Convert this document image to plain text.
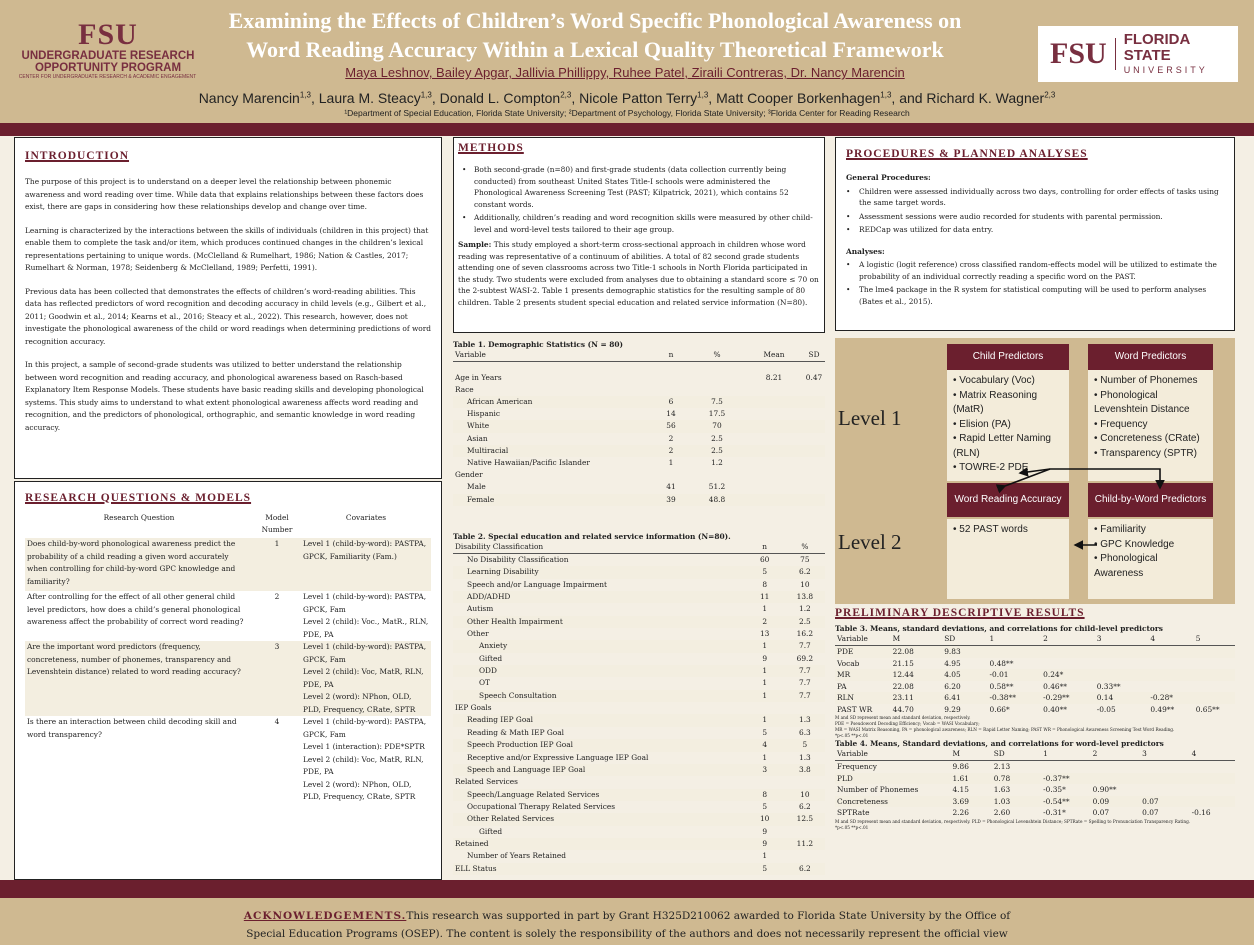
FSU
UNDERGRADUATE RESEARCH
OPPORTUNITY PROGRAM
CENTER FOR UNDERGRADUATE RESEARCH & ACADEMIC ENGAGEMENT
Examining the Effects of Children’s Word Specific Phonological Awareness on
Word Reading Accuracy Within a Lexical Quality Theoretical Framework
Maya Leshnov, Bailey Apgar, Jallivia Phillippy, Ruhee Patel, Ziraili Contreras, Dr. Nancy Marencin
Nancy Marencin$^{1,3}$, Laura M. Steacy$^{1,3}$, Donald L. Compton$^{2,3}$, Nicole Patton Terry$^{1,3}$, Matt Cooper Borkenhagen$^{1,3}$, and Richard K. Wagner$^{2,3}$
¹Department of Special Education, Florida State University; ²Department of Psychology, Florida State University; ³Florida Center for Reading Research
FSU	FLORIDA STATE
UNIVERSITY
INTRODUCTION

The purpose of this project is to understand on a deeper level the relationship between phonemic awareness and word reading over time. While data that explains relationships between these factors does exist, there are gaps in considering how these relationships develop and change over time.

Learning is characterized by the interactions between the skills of individuals (children in this project) that enable them to complete the task and/or item, which produces continued changes in the children’s lexical representations pertaining to unique words. (McClelland & Rumelhart, 1986; Nation & Castles, 2017; Rumelhart & Norman, 1978; Seidenberg & McClelland, 1989; Perfetti, 1991).

Previous data has been collected that demonstrates the effects of children’s word-reading abilities. This data has reflected predictors of word recognition and decoding accuracy in child levels (e.g., Gilbert et al., 2011; Goodwin et al., 2014; Kearns et al., 2016; Steacy et al., 2022). This research, however, does not investigate the phonological awareness of the child or word readings when determining predictions of word recognition accuracy.

In this project, a sample of second-grade students was utilized to better understand the relationship between word recognition and reading accuracy, and phonological awareness based on Rasch-based Explanatory Item Response Models. These students have basic reading skills and developing phonological systems. This study aims to understand to what extent phonological awareness affects word reading and recognition, and the predictors of phonological, orthographic, and semantic knowledge in word reading accuracy.

RESEARCH QUESTIONS & MODELS
Research Question	Model Number	Covariates
Does child-by-word phonological awareness predict the probability of a child reading a given word accurately when controlling for child-by-word GPC knowledge and familiarity?	1	Level 1 (child-by-word): PASTPA, GPCK, Familiarity (Fam.)

After controlling for the effect of all other general child level predictors, how does a child’s general phonological awareness affect the probability of correct word reading?	2	Level 1 (child-by-word): PASTPA, GPCK, Fam
Level 2 (child): Voc., MatR., RLN, PDE, PA

Are the important word predictors (frequency, concreteness, number of phonemes, transparency and Levenshtein distance) related to word reading accuracy?	3	Level 1 (child-by-word): PASTPA, GPCK, Fam
Level 2 (child): Voc, MatR, RLN, PDE, PA
Level 2 (word): NPhon, OLD, PLD, Frequency, CRate, SPTR

Is there an interaction between child decoding skill and word transparency?	4	Level 1 (child-by-word): PASTPA, GPCK, Fam
Level 1 (interaction): PDE*SPTR
Level 2 (child): Voc, MatR, RLN, PDE, PA
Level 2 (word): NPhon, OLD, PLD, Frequency, CRate, SPTR
METHODS
•	Both second-grade (n=80) and first-grade students (data collection currently being conducted) from southeast United States Title-I schools were administered the Phonological Awareness Screening Test (PAST; Kilpatrick, 2021), which contains 52 constant words.
•	Additionally, children’s reading and word recognition skills were measured by other child-level and word-level tests tailored to their age group.
Sample: This study employed a short-term cross-sectional approach in children whose word reading was representative of a continuum of abilities. A total of 82 second grade students attending one of seven classrooms across two Title-1 schools in North Florida participated in the study. Two students were excluded from analyses due to obtaining a standard score ≤ 70 on the 2-subtest WASI-2. Table 1 presents demographic statistics for the resulting sample of 80 children. Table 2 presents student special education and related service information (N=80).
Table 1. Demographic Statistics (N = 80)
Variable	n	%	Mean	SD

Age in Years			8.21	0.47
Race				
African American	6	7.5		
Hispanic	14	17.5		
White	56	70		
Asian	2	2.5		
Multiracial	2	2.5		
Native Hawaiian/Pacific Islander	1	1.2		
Gender				
Male	41	51.2		
Female	39	48.8		
Table 2. Special education and related service information (N=80).
Disability Classification	n	%
No Disability Classification	60	75
Learning Disability	5	6.2
Speech and/or Language Impairment	8	10
ADD/ADHD	11	13.8
Autism	1	1.2
Other Health Impairment	2	2.5
Other	13	16.2
Anxiety	1	7.7
Gifted	9	69.2
ODD	1	7.7
OT	1	7.7
Speech Consultation	1	7.7
IEP Goals		
Reading IEP Goal	1	1.3
Reading & Math IEP Goal	5	6.3
Speech Production IEP Goal	4	5
Receptive and/or Expressive Language IEP Goal	1	1.3
Speech and Language IEP Goal	3	3.8
Related Services		
Speech/Language Related Services	8	10
Occupational Therapy Related Services	5	6.2
Other Related Services	10	12.5
Gifted	9	
Retained	9	11.2
Number of Years Retained	1	
ELL Status	5	6.2
PROCEDURES & PLANNED ANALYSES
General Procedures:
•	Children were assessed individually across two days, controlling for order effects of tasks using the same target words.
•	Assessment sessions were audio recorded for students with parental permission.
•	REDCap was utilized for data entry.
Analyses:
•	A logistic (logit reference) cross classified random-effects model will be utilized to estimate the probability of an individual correctly reading a specific word on the PAST.
•	The lme4 package in the R system for statistical computing will be used to perform analyses (Bates et al., 2015).
Level 1
Level 2
Child Predictors	Word Predictors
• Vocabulary (Voc)
• Matrix Reasoning (MatR)
• Elision (PA)
• Rapid Letter Naming (RLN)
• TOWRE-2 PDE
• Number of Phonemes
• Phonological Levenshtein Distance
• Frequency
• Concreteness (CRate)
• Transparency (SPTR)
Word Reading Accuracy	Child-by-Word Predictors
• 52 PAST words	• Familiarity
• GPC Knowledge
• Phonological Awareness
PRELIMINARY DESCRIPTIVE RESULTS
Table 3. Means, standard deviations, and correlations for child-level predictors
Variable	M	SD	1	2	3	4	5
PDE	22.08	9.83					
Vocab	21.15	4.95	0.48**				
MR	12.44	4.05	-0.01	0.24*			
PA	22.08	6.20	0.58**	0.46**	0.33**		
RLN	23.11	6.41	-0.38**	-0.29**	0.14	-0.28*	
PAST WR	44.70	9.29	0.66*	0.40**	-0.05	0.49**	0.65**
M and SD represent mean and standard deviation, respectively.
PDE = Pseudoword Decoding Efficiency; Vocab = WASI Vocabulary;
MR = WASI Matrix Reasoning, PA = phonological awareness; RLN = Rapid Letter Naming; PAST WR = Phonological Awareness Screening Test Word Reading.
*p<.05 **p<.01
Table 4. Means, Standard deviations, and correlations for word-level predictors
Variable	M	SD	1	2	3	4
Frequency	9.86	2.13				
PLD	1.61	0.78	-0.37**			
Number of Phonemes	4.15	1.63	-0.35*	0.90**		
Concreteness	3.69	1.03	-0.54**	0.09	0.07	
SPTRate	2.26	2.60	-0.31*	0.07	0.07	-0.16
M and SD represent mean and standard deviation, respectively. PLD = Phonological Levenshtein Distance; SPTRate = Spelling to Pronunciation Transparency Rating.
*p<.05 **p<.01
ACKNOWLEDGEMENTS.This research was supported in part by Grant H325D210062 awarded to Florida State University by the Office of
Special Education Programs (OSEP). The content is solely the responsibility of the authors and does not necessarily represent the official view
